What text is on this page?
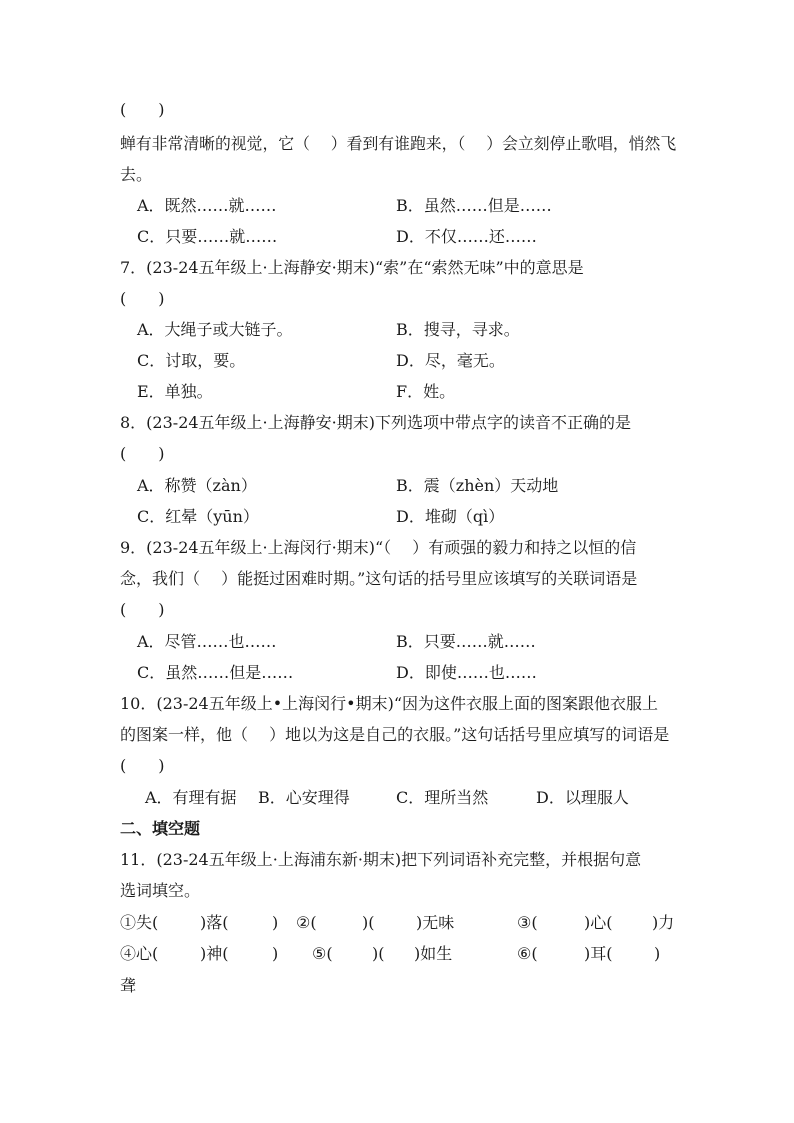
(　　)
蝉有非常清晰的视觉，它（　 ）看到有谁跑来，（　 ）会立刻停止歌唱，悄然飞
去。
A．既然……就……	B．虽然……但是……
C．只要……就……	D．不仅……还……
7．(23-24五年级上·上海静安·期末)“索”在“索然无味”中的意思是
(　　)
A．大绳子或大链子。	B．搜寻，寻求。
C．讨取，要。	D．尽，毫无。
E．单独。	F．姓。
8．(23-24五年级上·上海静安·期末)下列选项中带点字的读音不正确的是
(　　)
A．称赞（zàn）	B．震（zhèn）天动地
C．红晕（yūn）	D．堆砌（qì）
9．(23-24五年级上·上海闵行·期末)“（　 ）有顽强的毅力和持之以恒的信
念，我们（　 ）能挺过困难时期。”这句话的括号里应该填写的关联词语是
(　　)
A．尽管……也……	B．只要……就……
C．虽然……但是……	D．即使……也……
10．(23-24五年级上•上海闵行•期末)“因为这件衣服上面的图案跟他衣服上
的图案一样，他（　 ）地以为这是自己的衣服。”这句话括号里应填写的词语是
(　　)
A．有理有据 B．心安理得	C．理所当然	D．以理服人
二、填空题
11．(23-24五年级上·上海浦东新·期末)把下列词语补充完整，并根据句意
选词填空。
①失(	)落(	) ②(	)(	)无味	③(	)心( )力
④心(	)神(	) ⑤( )( )如生	⑥(	)耳(	)
聋
